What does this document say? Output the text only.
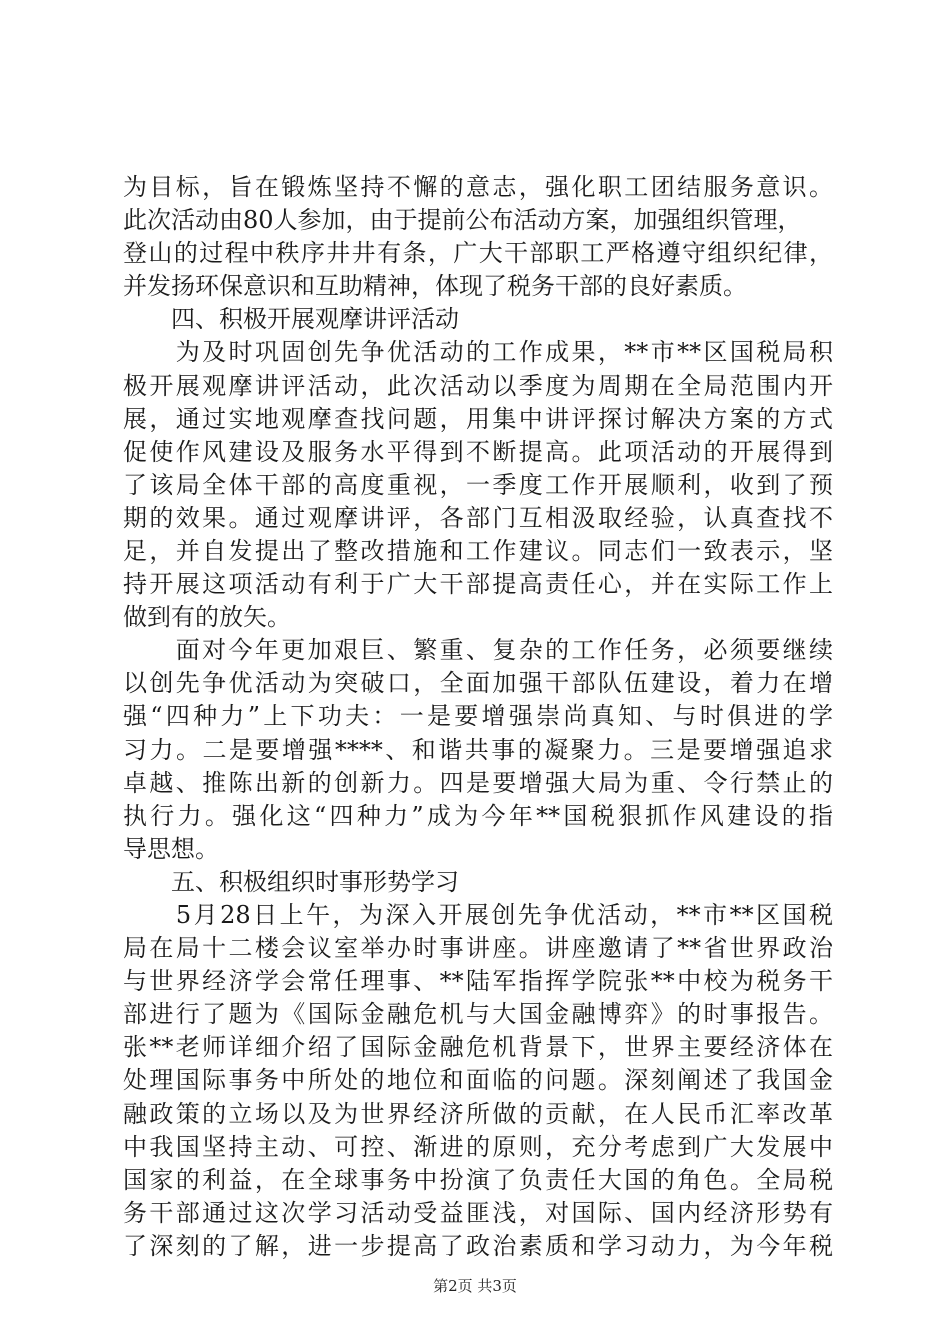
为目标，旨在锻炼坚持不懈的意志，强化职工团结服务意识。
此次活动由80人参加，由于提前公布活动方案，加强组织管理，
登山的过程中秩序井井有条，广大干部职工严格遵守组织纪律，
并发扬环保意识和互助精神，体现了税务干部的良好素质。
　　四、积极开展观摩讲评活动
　　为及时巩固创先争优活动的工作成果，**市**区国税局积
极开展观摩讲评活动，此次活动以季度为周期在全局范围内开
展，通过实地观摩查找问题，用集中讲评探讨解决方案的方式
促使作风建设及服务水平得到不断提高。此项活动的开展得到
了该局全体干部的高度重视，一季度工作开展顺利，收到了预
期的效果。通过观摩讲评，各部门互相汲取经验，认真查找不
足，并自发提出了整改措施和工作建议。同志们一致表示，坚
持开展这项活动有利于广大干部提高责任心，并在实际工作上
做到有的放矢。
　　面对今年更加艰巨、繁重、复杂的工作任务，必须要继续
以创先争优活动为突破口，全面加强干部队伍建设，着力在增
强“四种力”上下功夫：一是要增强崇尚真知、与时俱进的学
习力。二是要增强****、和谐共事的凝聚力。三是要增强追求
卓越、推陈出新的创新力。四是要增强大局为重、令行禁止的
执行力。强化这“四种力”成为今年**国税狠抓作风建设的指
导思想。
　　五、积极组织时事形势学习
　　5月28日上午，为深入开展创先争优活动，**市**区国税
局在局十二楼会议室举办时事讲座。讲座邀请了**省世界政治
与世界经济学会常任理事、**陆军指挥学院张**中校为税务干
部进行了题为《国际金融危机与大国金融博弈》的时事报告。
张**老师详细介绍了国际金融危机背景下，世界主要经济体在
处理国际事务中所处的地位和面临的问题。深刻阐述了我国金
融政策的立场以及为世界经济所做的贡献，在人民币汇率改革
中我国坚持主动、可控、渐进的原则，充分考虑到广大发展中
国家的利益，在全球事务中扮演了负责任大国的角色。全局税
务干部通过这次学习活动受益匪浅，对国际、国内经济形势有
了深刻的了解，进一步提高了政治素质和学习动力，为今年税
第2页 共3页
